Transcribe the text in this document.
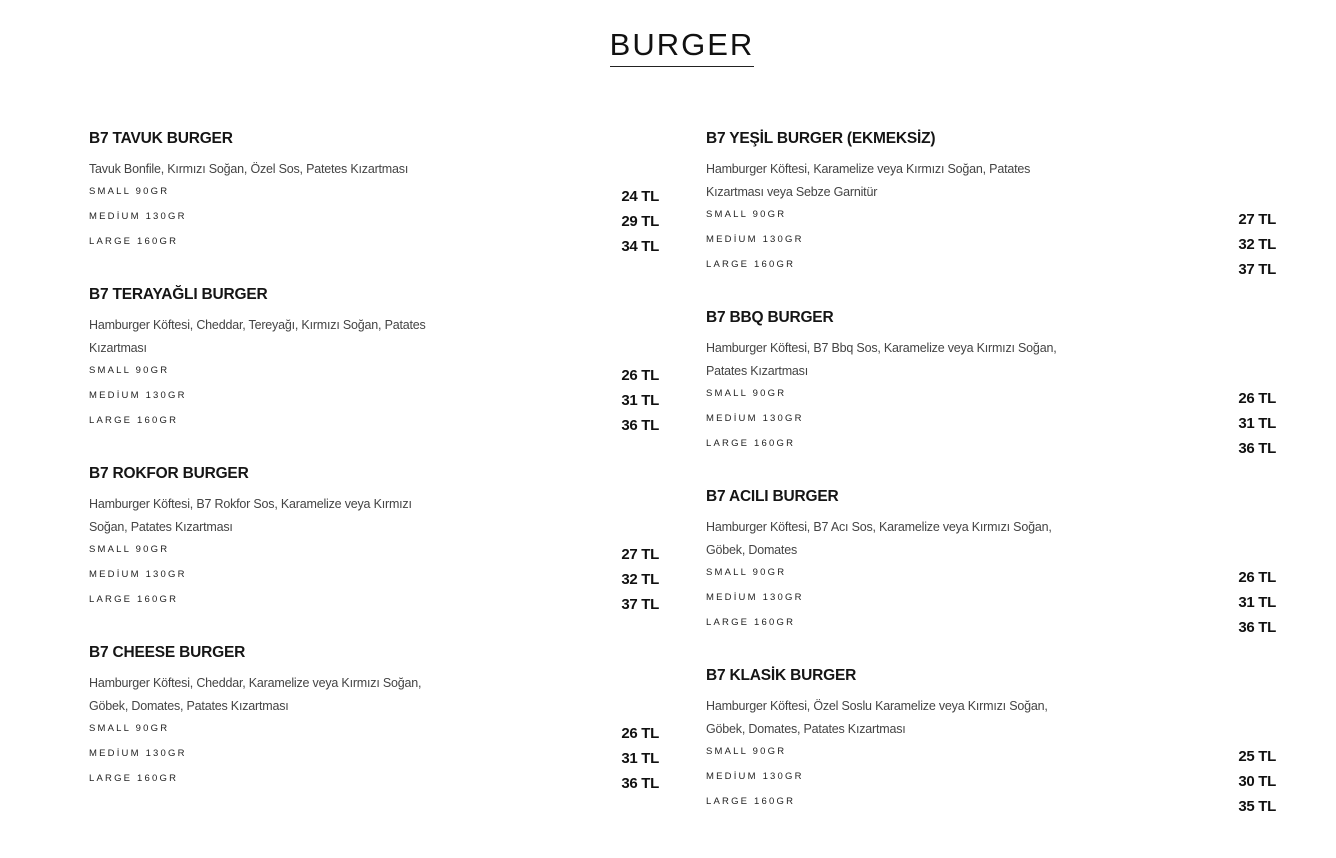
BURGER
B7 TAVUK BURGER
Tavuk Bonfile, Kırmızı Soğan, Özel Sos, Patetes Kızartması
SMALL 90GR	24 TL
MEDİUM 130GR	29 TL
LARGE 160GR	34 TL
B7 TERAYAĞLI BURGER
Hamburger Köftesi, Cheddar, Tereyağı, Kırmızı Soğan, Patates Kızartması
SMALL 90GR	26 TL
MEDİUM 130GR	31 TL
LARGE 160GR	36 TL
B7 ROKFOR BURGER
Hamburger Köftesi, B7 Rokfor Sos, Karamelize veya Kırmızı Soğan, Patates Kızartması
SMALL 90GR	27 TL
MEDİUM 130GR	32 TL
LARGE 160GR	37 TL
B7 CHEESE BURGER
Hamburger Köftesi, Cheddar, Karamelize veya Kırmızı Soğan, Göbek, Domates, Patates Kızartması
SMALL 90GR	26 TL
MEDİUM 130GR	31 TL
LARGE 160GR	36 TL
B7 YEŞİL BURGER (EKMEKSİZ)
Hamburger Köftesi, Karamelize veya Kırmızı Soğan, Patates Kızartması veya Sebze Garnitür
SMALL 90GR	27 TL
MEDİUM 130GR	32 TL
LARGE 160GR	37 TL
B7 BBQ BURGER
Hamburger Köftesi, B7 Bbq Sos, Karamelize veya Kırmızı Soğan, Patates Kızartması
SMALL 90GR	26 TL
MEDİUM 130GR	31 TL
LARGE 160GR	36 TL
B7 ACILI BURGER
Hamburger Köftesi, B7 Acı Sos, Karamelize veya Kırmızı Soğan, Göbek, Domates
SMALL 90GR	26 TL
MEDİUM 130GR	31 TL
LARGE 160GR	36 TL
B7 KLASİK BURGER
Hamburger Köftesi, Özel Soslu Karamelize veya Kırmızı Soğan, Göbek, Domates, Patates Kızartması
SMALL 90GR	25 TL
MEDİUM 130GR	30 TL
LARGE 160GR	35 TL
